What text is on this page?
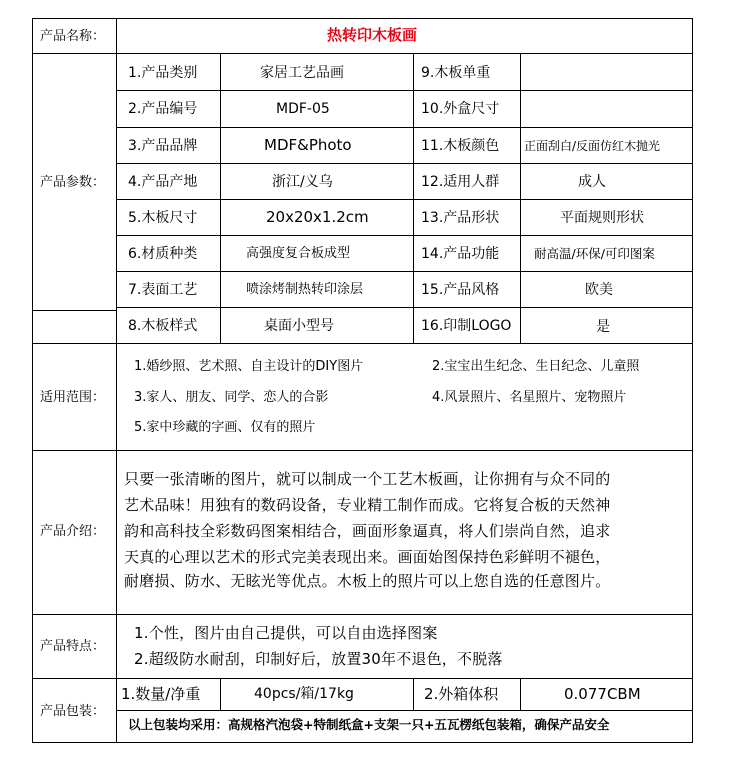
产品名称：	热转印木板画
产品参数：
1.产品类别	家居工艺品画	9.木板单重
2.产品编号	MDF-05	10.外盒尺寸
3.产品品牌	MDF&Photo	11.木板颜色 正面刮白/反面仿红木抛光
4.产品产地	浙江/义乌	12.适用人群	成人
5.木板尺寸	20x20x1.2cm	13.产品形状	平面规则形状
6.材质种类	高强度复合板成型	14.产品功能	耐高温/环保/可印图案
7.表面工艺	喷涂烤制热转印涂层	15.产品风格	欧美
8.木板样式	桌面小型号	16.印制LOGO	是
适用范围：
1.婚纱照、艺术照、自主设计的DIY图片	2.宝宝出生纪念、生日纪念、儿童照
3.家人、朋友、同学、恋人的合影	4.风景照片、名星照片、宠物照片
5.家中珍藏的字画、仅有的照片
产品介绍：
只要一张清晰的图片，就可以制成一个工艺木板画，让你拥有与众不同的
艺术品味！用独有的数码设备，专业精工制作而成。它将复合板的天然神
韵和高科技全彩数码图案相结合，画面形象逼真，将人们崇尚自然，追求
天真的心理以艺术的形式完美表现出来。画面始图保持色彩鲜明不褪色，
耐磨损、防水、无眩光等优点。木板上的照片可以上您自选的任意图片。
产品特点：
1.个性，图片由自己提供，可以自由选择图案
2.超级防水耐刮，印制好后，放置30年不退色，不脱落
产品包装：
1.数量/净重	40pcs/箱/17kg	2.外箱体积	0.077CBM
以上包装均采用：高规格汽泡袋+特制纸盒+支架一只+五瓦楞纸包装箱，确保产品安全
